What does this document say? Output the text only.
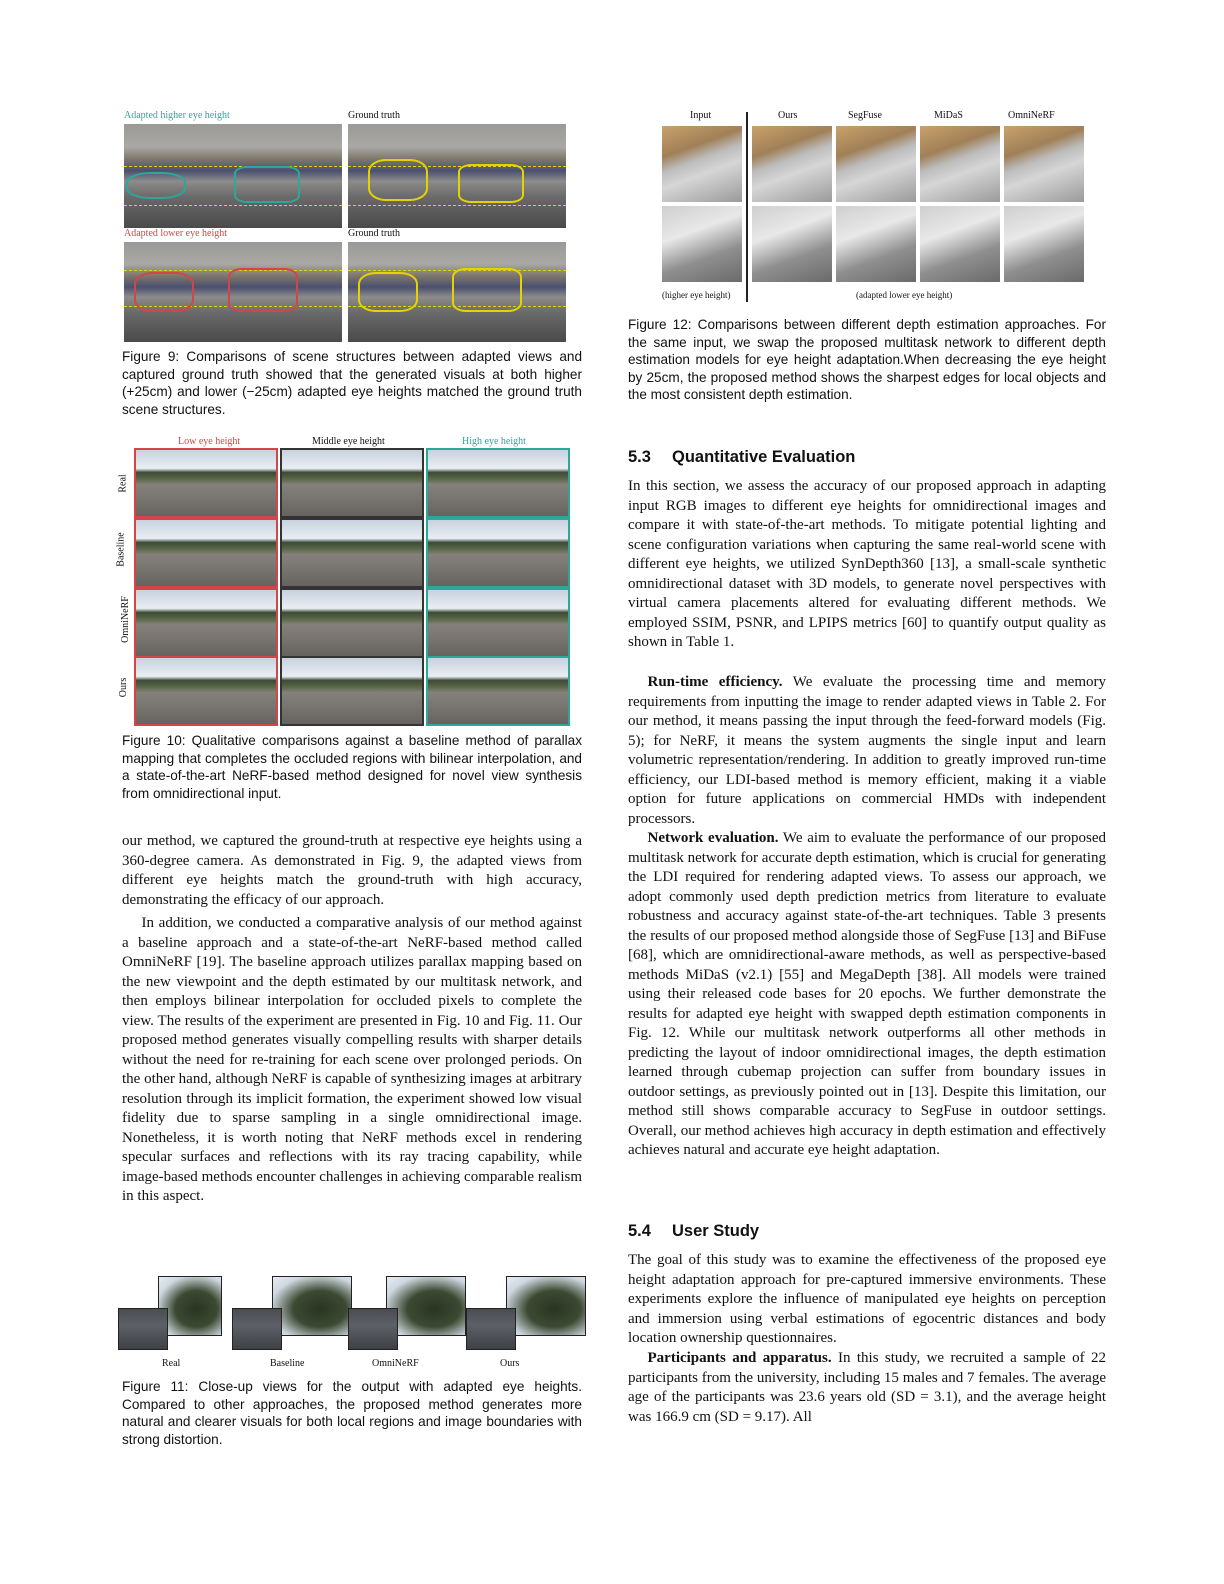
Adapted higher eye height	Ground truth
Adapted lower eye height	Ground truth

Figure 9: Comparisons of scene structures between adapted views and captured ground truth showed that the generated visuals at both higher (+25cm) and lower (−25cm) adapted eye heights matched the ground truth scene structures.

Low eye height	Middle eye height	High eye height
Real
Baseline
OmniNeRF
Ours

Figure 10: Qualitative comparisons against a baseline method of parallax mapping that completes the occluded regions with bilinear interpolation, and a state-of-the-art NeRF-based method designed for novel view synthesis from omnidirectional input.

our method, we captured the ground-truth at respective eye heights using a 360-degree camera. As demonstrated in Fig. 9, the adapted views from different eye heights match the ground-truth with high accuracy, demonstrating the efficacy of our approach.

In addition, we conducted a comparative analysis of our method against a baseline approach and a state-of-the-art NeRF-based method called OmniNeRF [19]. The baseline approach utilizes parallax mapping based on the new viewpoint and the depth estimated by our multitask network, and then employs bilinear interpolation for occluded pixels to complete the view. The results of the experiment are presented in Fig. 10 and Fig. 11. Our proposed method generates visually compelling results with sharper details without the need for re-training for each scene over prolonged periods. On the other hand, although NeRF is capable of synthesizing images at arbitrary resolution through its implicit formation, the experiment showed low visual fidelity due to sparse sampling in a single omnidirectional image. Nonetheless, it is worth noting that NeRF methods excel in rendering specular surfaces and reflections with its ray tracing capability, while image-based methods encounter challenges in achieving comparable realism in this aspect.

Real	Baseline	OmniNeRF	Ours

Figure 11: Close-up views for the output with adapted eye heights. Compared to other approaches, the proposed method generates more natural and clearer visuals for both local regions and image boundaries with strong distortion.

Input	Ours	SegFuse	MiDaS	OmniNeRF
(higher eye height)	(adapted lower eye height)

Figure 12: Comparisons between different depth estimation approaches. For the same input, we swap the proposed multitask network to different depth estimation models for eye height adaptation.When decreasing the eye height by 25cm, the proposed method shows the sharpest edges for local objects and the most consistent depth estimation.

5.3 Quantitative Evaluation

In this section, we assess the accuracy of our proposed approach in adapting input RGB images to different eye heights for omnidirectional images and compare it with state-of-the-art methods. To mitigate potential lighting and scene configuration variations when capturing the same real-world scene with different eye heights, we utilized SynDepth360 [13], a small-scale synthetic omnidirectional dataset with 3D models, to generate novel perspectives with virtual camera placements altered for evaluating different methods. We employed SSIM, PSNR, and LPIPS metrics [60] to quantify output quality as shown in Table 1.

Run-time efficiency. We evaluate the processing time and memory requirements from inputting the image to render adapted views in Table 2. For our method, it means passing the input through the feed-forward models (Fig. 5); for NeRF, it means the system augments the single input and learn volumetric representation/rendering. In addition to greatly improved run-time efficiency, our LDI-based method is memory efficient, making it a viable option for future applications on commercial HMDs with independent processors.

Network evaluation. We aim to evaluate the performance of our proposed multitask network for accurate depth estimation, which is crucial for generating the LDI required for rendering adapted views. To assess our approach, we adopt commonly used depth prediction metrics from literature to evaluate robustness and accuracy against state-of-the-art techniques. Table 3 presents the results of our proposed method alongside those of SegFuse [13] and BiFuse [68], which are omnidirectional-aware methods, as well as perspective-based methods MiDaS (v2.1) [55] and MegaDepth [38]. All models were trained using their released code bases for 20 epochs. We further demonstrate the results for adapted eye height with swapped depth estimation components in Fig. 12. While our multitask network outperforms all other methods in predicting the layout of indoor omnidirectional images, the depth estimation learned through cubemap projection can suffer from boundary issues in outdoor settings, as previously pointed out in [13]. Despite this limitation, our method still shows comparable accuracy to SegFuse in outdoor settings. Overall, our method achieves high accuracy in depth estimation and effectively achieves natural and accurate eye height adaptation.

5.4 User Study

The goal of this study was to examine the effectiveness of the proposed eye height adaptation approach for pre-captured immersive environments. These experiments explore the influence of manipulated eye heights on perception and immersion using verbal estimations of egocentric distances and body location ownership questionnaires.

Participants and apparatus. In this study, we recruited a sample of 22 participants from the university, including 15 males and 7 females. The average age of the participants was 23.6 years old (SD = 3.1), and the average height was 166.9 cm (SD = 9.17). All
